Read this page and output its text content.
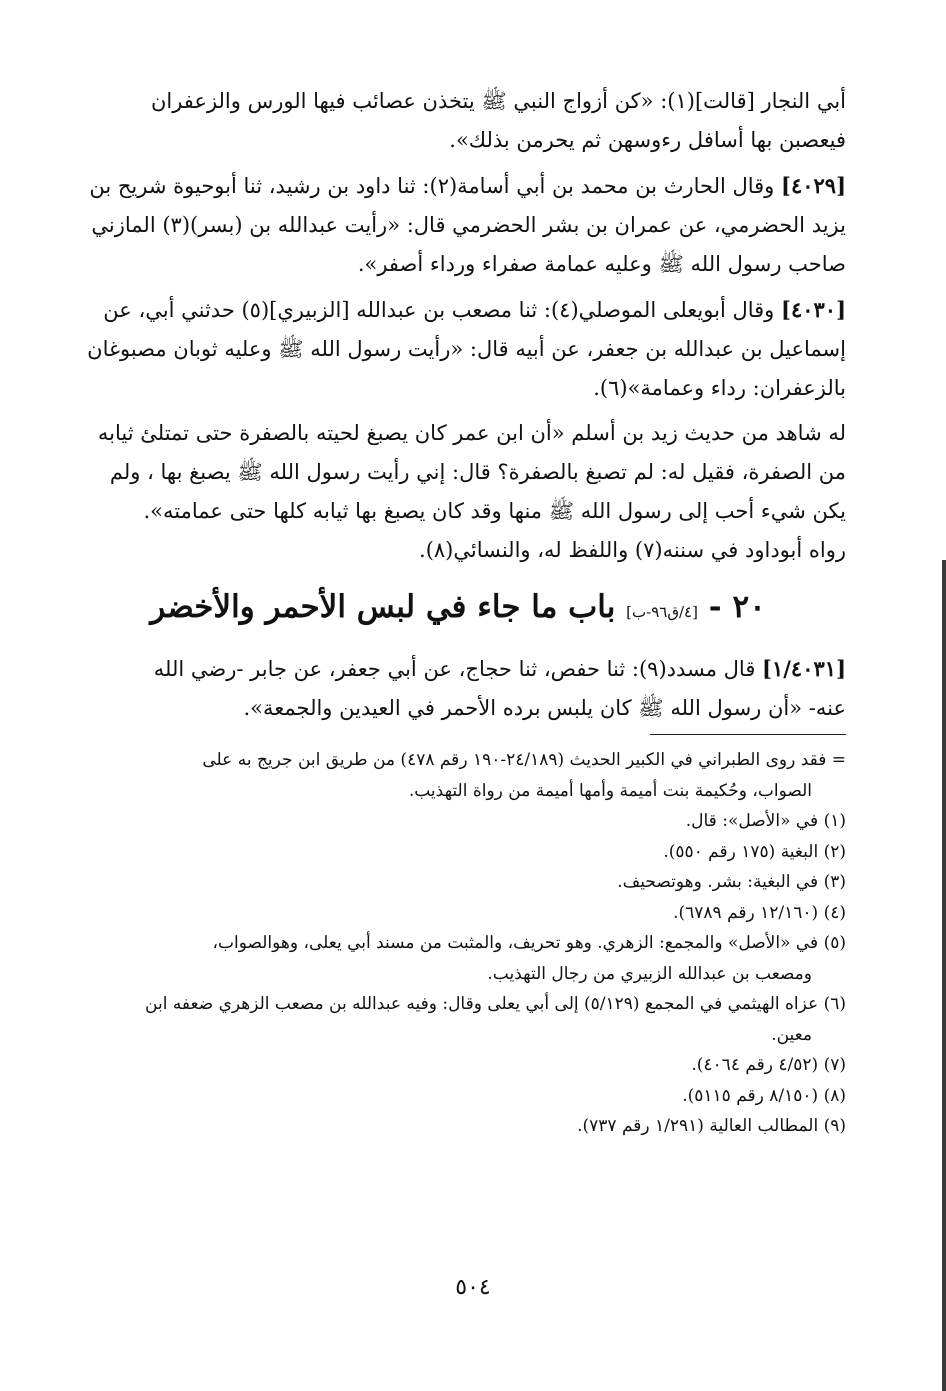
أبي النجار [قالت](١): «كن أزواج النبي ﷺ يتخذن عصائب فيها الورس والزعفران
فيعصبن بها أسافل رءوسهن ثم يحرمن بذلك».
[٤٠٢٩] وقال الحارث بن محمد بن أبي أسامة(٢): ثنا داود بن رشيد، ثنا أبوحيوة شريح بن
يزيد الحضرمي، عن عمران بن بشر الحضرمي قال: «رأيت عبدالله بن (بسر)(٣) المازني
صاحب رسول الله ﷺ وعليه عمامة صفراء ورداء أصفر».
[٤٠٣٠] وقال أبويعلى الموصلي(٤): ثنا مصعب بن عبدالله [الزبيري](٥) حدثني أبي، عن
إسماعيل بن عبدالله بن جعفر، عن أبيه قال: «رأيت رسول الله ﷺ وعليه ثوبان مصبوغان
بالزعفران: رداء وعمامة»(٦).
له شاهد من حديث زيد بن أسلم «أن ابن عمر كان يصبغ لحيته بالصفرة حتى تمتلئ ثيابه
من الصفرة، فقيل له: لم تصبغ بالصفرة؟ قال: إني رأيت رسول الله ﷺ يصبغ بها ، ولم
يكن شيء أحب إلى رسول الله ﷺ منها وقد كان يصبغ بها ثيابه كلها حتى عمامته».
رواه أبوداود في سننه(٧) واللفظ له، والنسائي(٨).
٢٠ - [٤/ق٩٦-ب] باب ما جاء في لبس الأحمر والأخضر
[١/٤٠٣١] قال مسدد(٩): ثنا حفص، ثنا حجاج، عن أبي جعفر، عن جابر -رضي الله
عنه- «أن رسول الله ﷺ كان يلبس برده الأحمر في العيدين والجمعة».
= فقد روى الطبراني في الكبير الحديث (٢٤/١٨٩-١٩٠ رقم ٤٧٨) من طريق ابن جريج به على
الصواب، وحُكيمة بنت أميمة وأمها أميمة من رواة التهذيب.
(١) في «الأصل»: قال.
(٢) البغية (١٧٥ رقم ٥٥٠).
(٣) في البغية: بشر. وهوتصحيف.
(٤) (١٢/١٦٠ رقم ٦٧٨٩).
(٥) في «الأصل» والمجمع: الزهري. وهو تحريف، والمثبت من مسند أبي يعلى، وهوالصواب،
ومصعب بن عبدالله الزبيري من رجال التهذيب.
(٦) عزاه الهيثمي في المجمع (٥/١٢٩) إلى أبي يعلى وقال: وفيه عبدالله بن مصعب الزهري ضعفه ابن
معين.
(٧) (٤/٥٢ رقم ٤٠٦٤).
(٨) (٨/١٥٠ رقم ٥١١٥).
(٩) المطالب العالية (١/٢٩١ رقم ٧٣٧).
٥٠٤
